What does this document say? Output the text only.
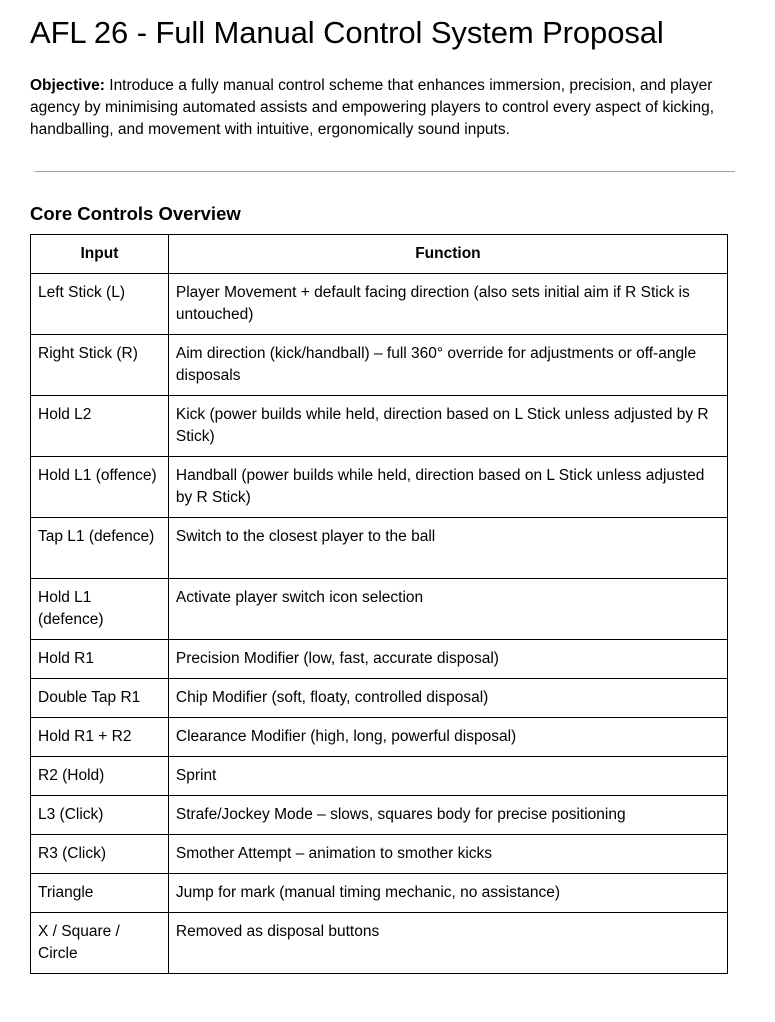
AFL 26 - Full Manual Control System Proposal

Objective: Introduce a fully manual control scheme that enhances immersion, precision, and player agency by minimising automated assists and empowering players to control every aspect of kicking, handballing, and movement with intuitive, ergonomically sound inputs.

Core Controls Overview
Input	Function
Left Stick (L)	Player Movement + default facing direction (also sets initial aim if R Stick is untouched)
Right Stick (R)	Aim direction (kick/handball) – full 360° override for adjustments or off-angle disposals
Hold L2	Kick (power builds while held, direction based on L Stick unless adjusted by R Stick)
Hold L1 (offence)	Handball (power builds while held, direction based on L Stick unless adjusted by R Stick)
Tap L1 (defence)	Switch to the closest player to the ball
Hold L1 (defence)	Activate player switch icon selection
Hold R1	Precision Modifier (low, fast, accurate disposal)
Double Tap R1	Chip Modifier (soft, floaty, controlled disposal)
Hold R1 + R2	Clearance Modifier (high, long, powerful disposal)
R2 (Hold)	Sprint
L3 (Click)	Strafe/Jockey Mode – slows, squares body for precise positioning
R3 (Click)	Smother Attempt – animation to smother kicks
Triangle	Jump for mark (manual timing mechanic, no assistance)
X / Square / Circle	Removed as disposal buttons
